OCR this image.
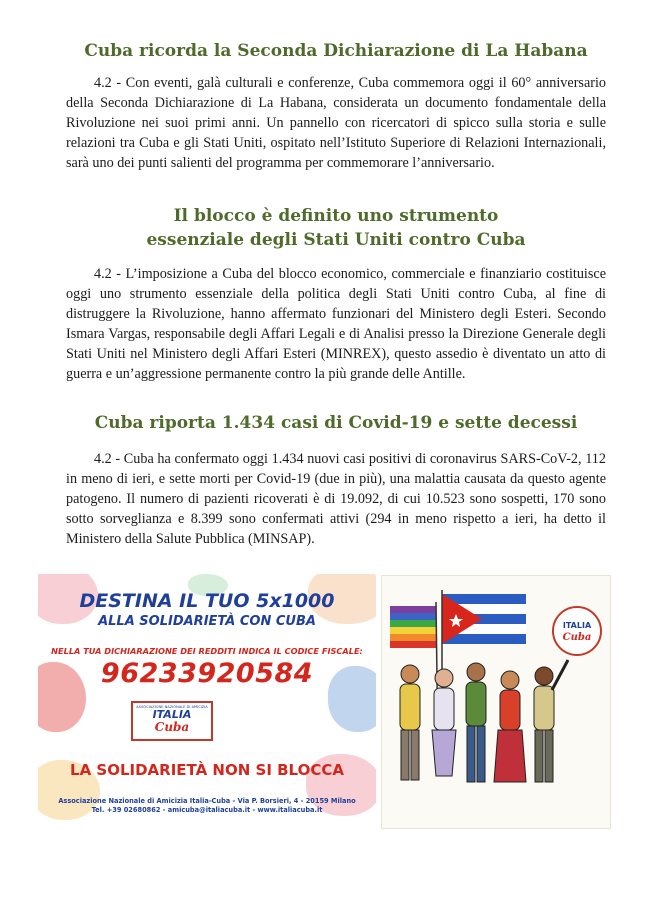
Cuba ricorda la Seconda Dichiarazione di La Habana

4.2 - Con eventi, galà culturali e conferenze, Cuba commemora oggi il 60° anniversario della Seconda Dichiarazione di La Habana, considerata un documento fondamentale della Rivoluzione nei suoi primi anni. Un pannello con ricercatori di spicco sulla storia e sulle relazioni tra Cuba e gli Stati Uniti, ospitato nell’Istituto Superiore di Relazioni Internazionali, sarà uno dei punti salienti del programma per commemorare l’anniversario.

Il blocco è definito uno strumento
essenziale degli Stati Uniti contro Cuba

4.2 - L’imposizione a Cuba del blocco economico, commerciale e finanziario costituisce oggi uno strumento essenziale della politica degli Stati Uniti contro Cuba, al fine di distruggere la Rivoluzione, hanno affermato funzionari del Ministero degli Esteri. Secondo Ismara Vargas, responsabile degli Affari Legali e di Analisi presso la Direzione Generale degli Stati Uniti nel Ministero degli Affari Esteri (MINREX), questo assedio è diventato un atto di guerra e un’aggressione permanente contro la più grande delle Antille.

Cuba riporta 1.434 casi di Covid-19 e sette decessi

4.2 - Cuba ha confermato oggi 1.434 nuovi casi positivi di coronavirus SARS-CoV-2, 112 in meno di ieri, e sette morti per Covid-19 (due in più), una malattia causata da questo agente patogeno. Il numero di pazienti ricoverati è di 19.092, di cui 10.523 sono sospetti, 170 sono sotto sorveglianza e 8.399 sono confermati attivi (294 in meno rispetto a ieri, ha detto il Ministero della Salute Pubblica (MINSAP).

DESTINA IL TUO 5x1000
ALLA SOLIDARIETÀ CON CUBA
NELLA TUA DICHIARAZIONE DEI REDDITI INDICA IL CODICE FISCALE:
96233920584
LA SOLIDARIETÀ NON SI BLOCCA
Associazione Nazionale di Amicizia Italia-Cuba - Via P. Borsieri, 4 - 20159 Milano
Tel. +39 02680862 - amicuba@italiacuba.it - www.italiacuba.it
ASSOCIAZIONE NAZIONALE DI AMICIZIA
ITALIA
Cuba
ITALIA
Cuba
